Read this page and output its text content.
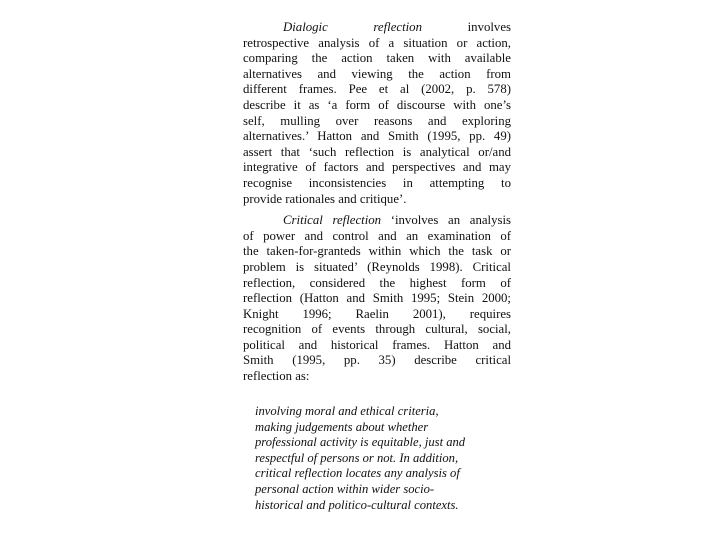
Dialogic reflection	involves
retrospective analysis of a situation or action,
comparing the action taken with available
alternatives and viewing the action from
different frames. Pee et al (2002, p. 578)
describe it as ‘a form of discourse with one’s
self, mulling over reasons and exploring
alternatives.’ Hatton and Smith (1995, pp. 49)
assert that ‘such reflection is analytical or/and
integrative of factors and perspectives and may
recognise inconsistencies in attempting to
provide rationales and critique’.

Critical reflection ‘involves an analysis
of power and control and an examination of
the taken-for-granteds within which the task or
problem is situated’ (Reynolds 1998). Critical
reflection, considered the highest form of
reflection (Hatton and Smith 1995; Stein 2000;
Knight 1996; Raelin 2001), requires
recognition of events through cultural, social,
political and historical frames. Hatton and
Smith (1995, pp. 35) describe critical
reflection as:

involving moral and ethical criteria,
making judgements about whether
professional activity is equitable, just and
respectful of persons or not. In addition,
critical reflection locates any analysis of
personal action within wider socio-
historical and politico-cultural contexts.
